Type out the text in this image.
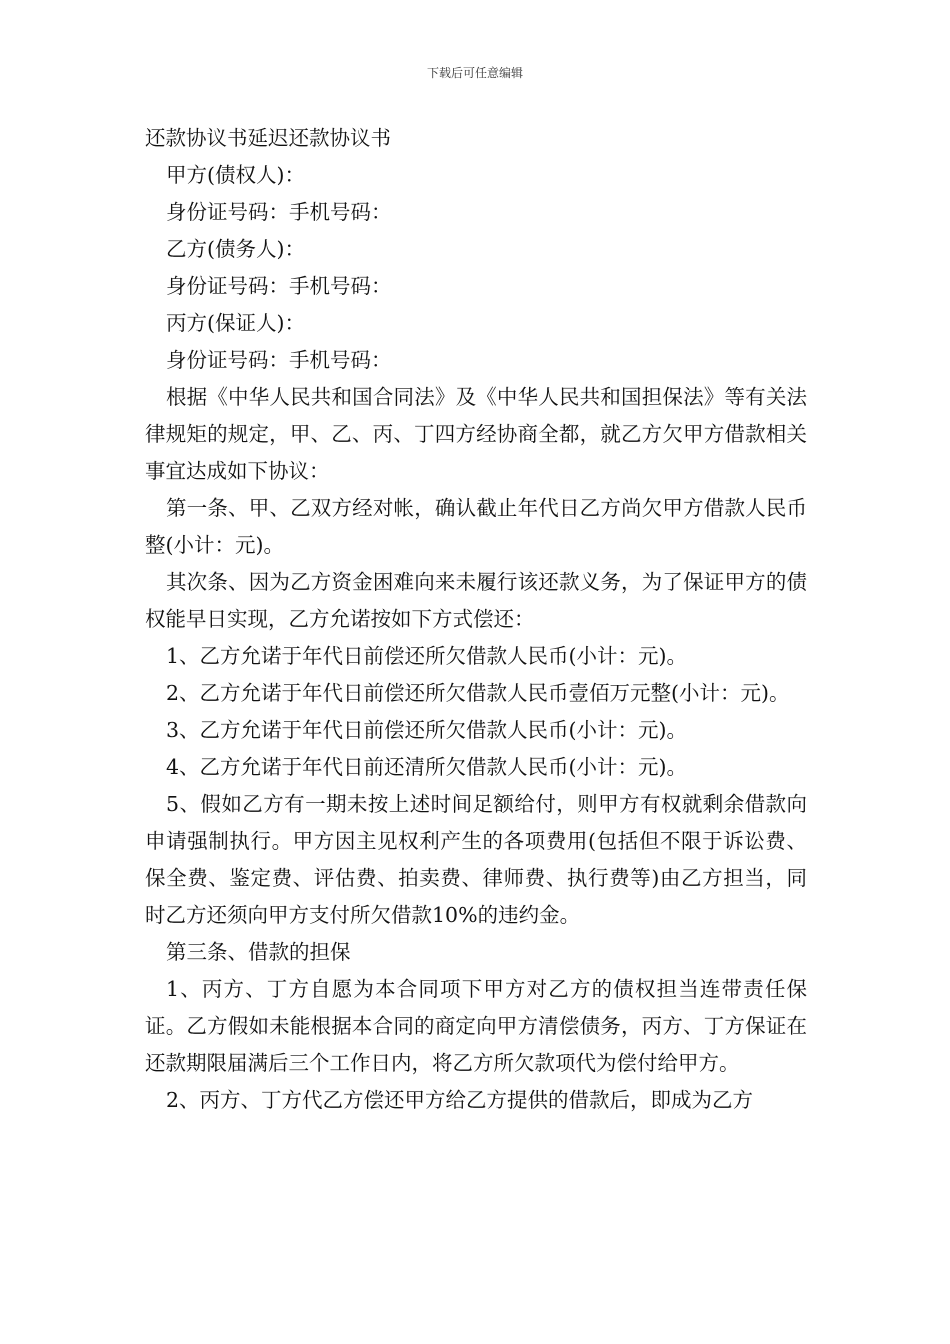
下载后可任意编辑

还款协议书延迟还款协议书

甲方(债权人)：

身份证号码：手机号码：

乙方(债务人)：

身份证号码：手机号码：

丙方(保证人)：

身份证号码：手机号码：

根据《中华人民共和国合同法》及《中华人民共和国担保法》等有关法律规矩的规定，甲、乙、丙、丁四方经协商全都，就乙方欠甲方借款相关事宜达成如下协议：

第一条、甲、乙双方经对帐，确认截止年代日乙方尚欠甲方借款人民币整(小计：元)。

其次条、因为乙方资金困难向来未履行该还款义务，为了保证甲方的债权能早日实现，乙方允诺按如下方式偿还：

1、乙方允诺于年代日前偿还所欠借款人民币(小计：元)。

2、乙方允诺于年代日前偿还所欠借款人民币壹佰万元整(小计：元)。

3、乙方允诺于年代日前偿还所欠借款人民币(小计：元)。

4、乙方允诺于年代日前还清所欠借款人民币(小计：元)。

5、假如乙方有一期未按上述时间足额给付，则甲方有权就剩余借款向申请强制执行。甲方因主见权利产生的各项费用(包括但不限于诉讼费、保全费、鉴定费、评估费、拍卖费、律师费、执行费等)由乙方担当，同时乙方还须向甲方支付所欠借款10%的违约金。

第三条、借款的担保

1、丙方、丁方自愿为本合同项下甲方对乙方的债权担当连带责任保证。乙方假如未能根据本合同的商定向甲方清偿债务，丙方、丁方保证在还款期限届满后三个工作日内，将乙方所欠款项代为偿付给甲方。

2、丙方、丁方代乙方偿还甲方给乙方提供的借款后，即成为乙方
